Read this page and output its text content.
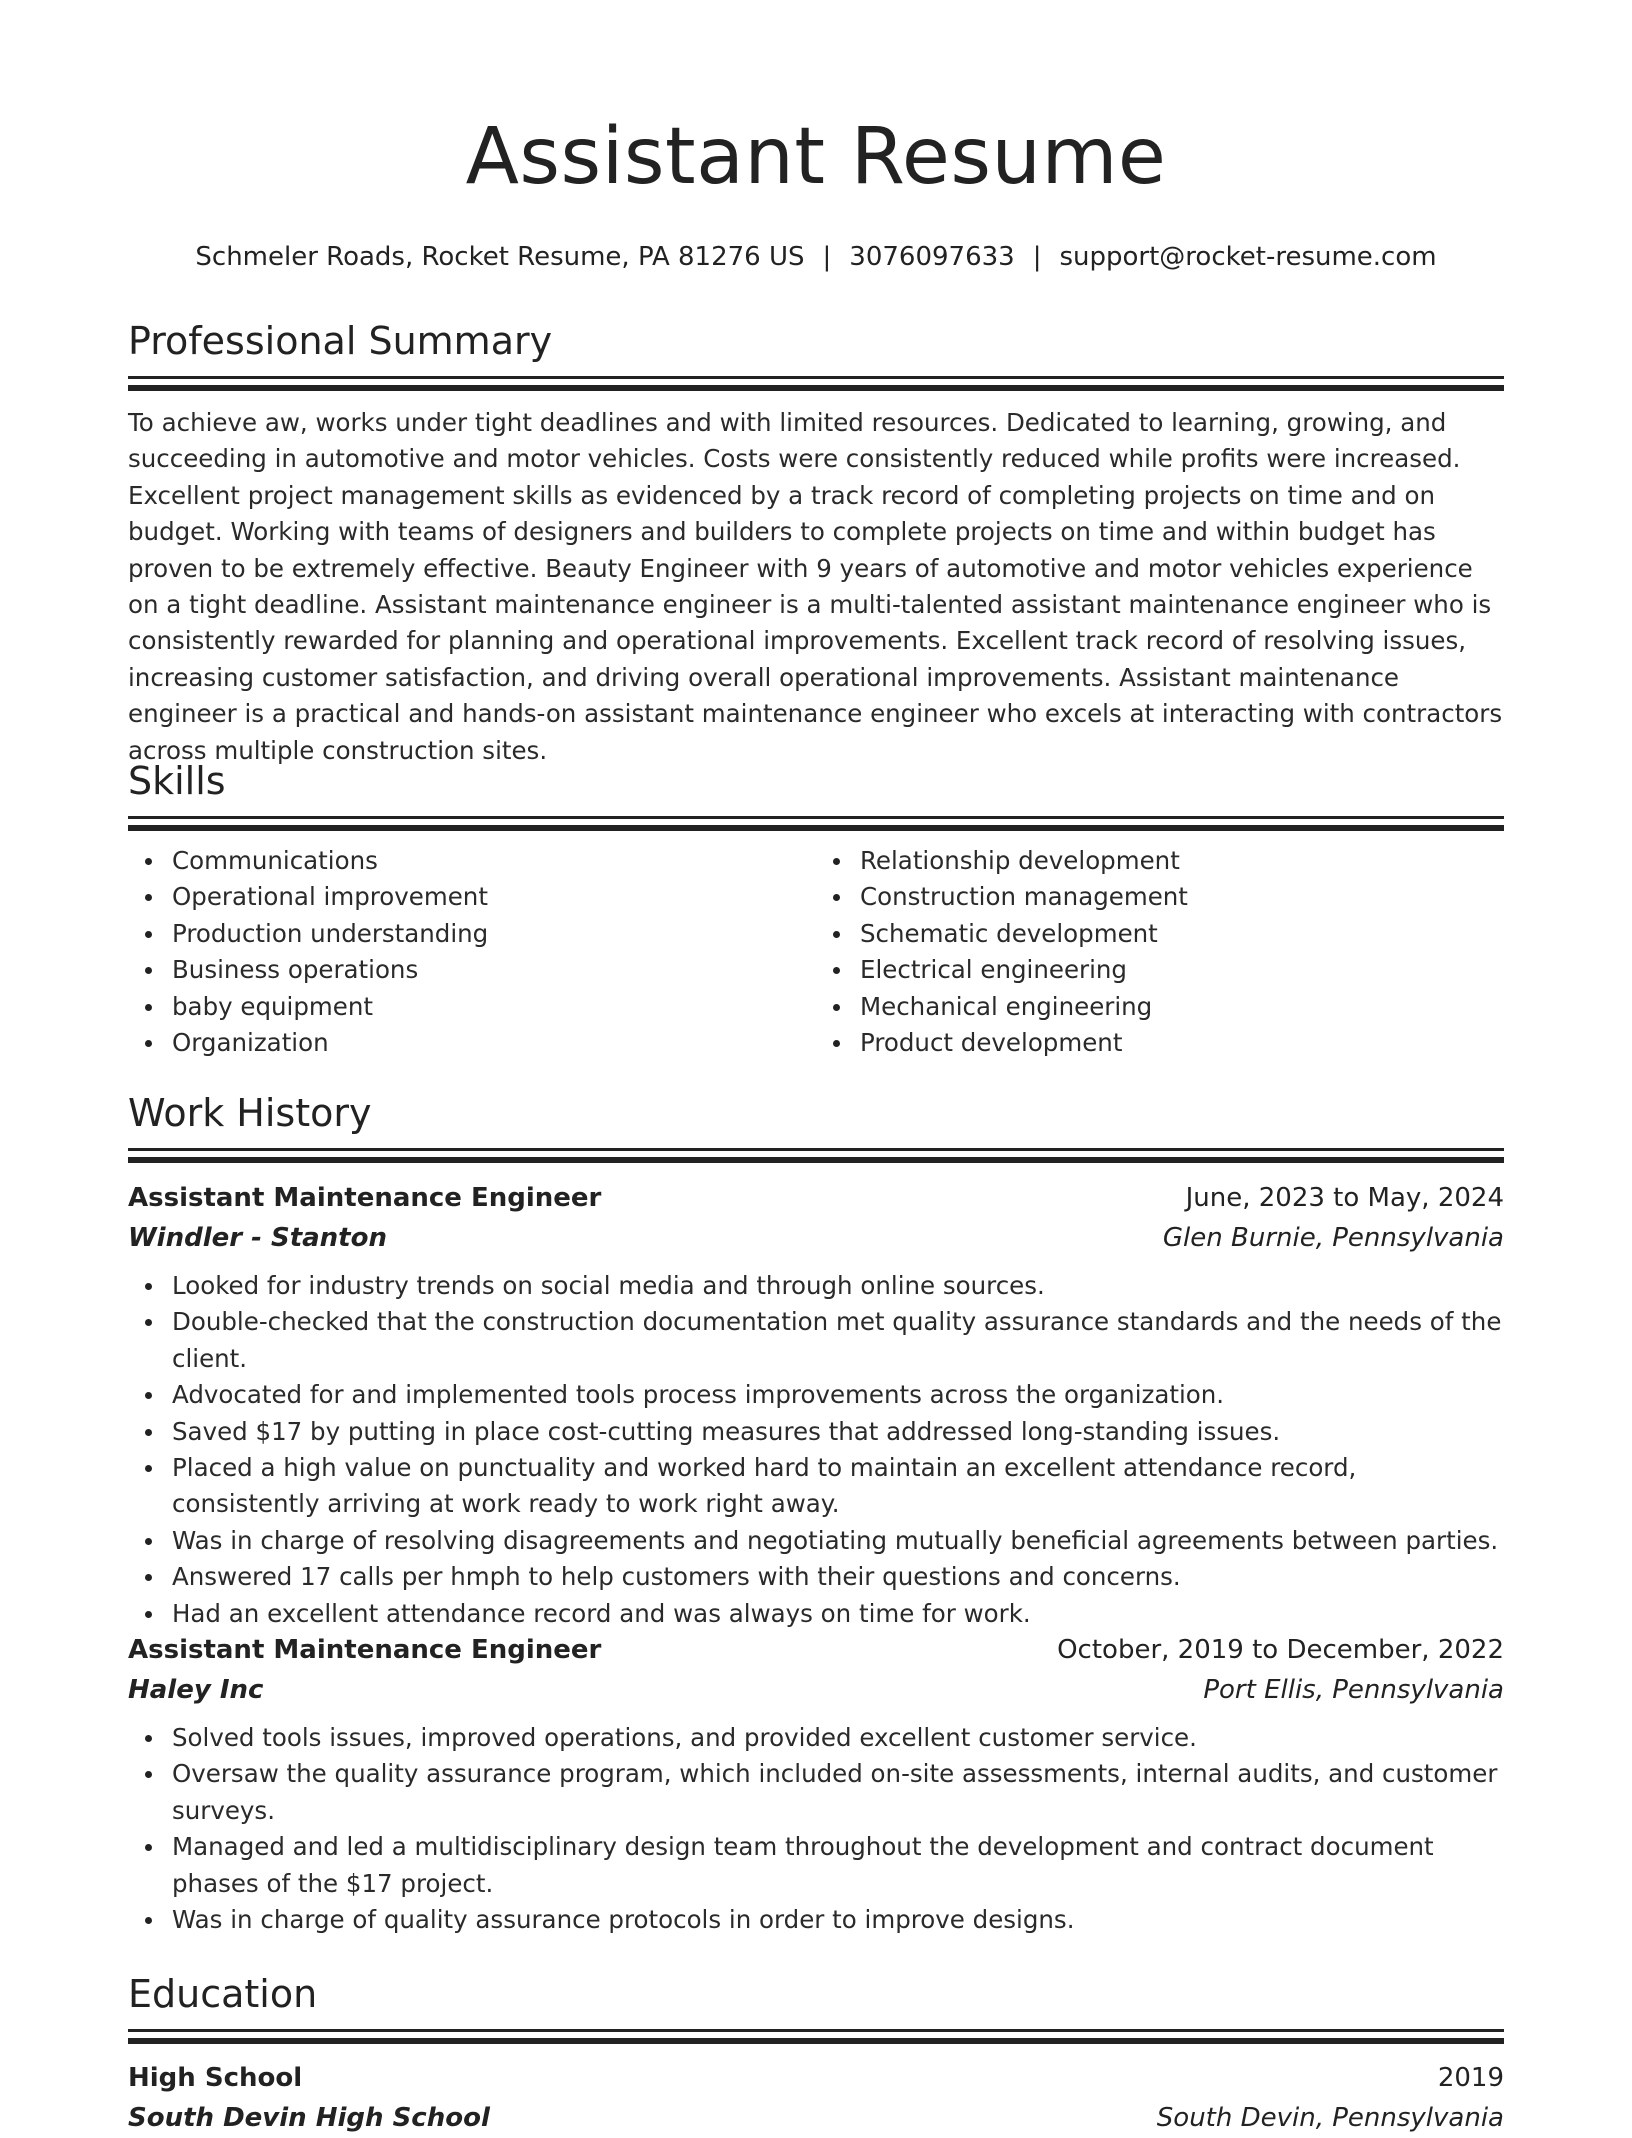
Assistant Resume
Schmeler Roads, Rocket Resume, PA 81276 US | 3076097633 | support@rocket-resume.com
Professional Summary

To achieve aw, works under tight deadlines and with limited resources. Dedicated to learning, growing, and succeeding in automotive and motor vehicles. Costs were consistently reduced while profits were increased. Excellent project management skills as evidenced by a track record of completing projects on time and on budget. Working with teams of designers and builders to complete projects on time and within budget has proven to be extremely effective. Beauty Engineer with 9 years of automotive and motor vehicles experience on a tight deadline. Assistant maintenance engineer is a multi-talented assistant maintenance engineer who is consistently rewarded for planning and operational improvements. Excellent track record of resolving issues, increasing customer satisfaction, and driving overall operational improvements. Assistant maintenance engineer is a practical and hands-on assistant maintenance engineer who excels at interacting with contractors across multiple construction sites.

Skills
Communications
Operational improvement
Production understanding
Business operations
baby equipment
Organization
Relationship development
Construction management
Schematic development
Electrical engineering
Mechanical engineering
Product development
Work History
Assistant Maintenance Engineer	June, 2023 to May, 2024
Windler - Stanton	Glen Burnie, Pennsylvania
Looked for industry trends on social media and through online sources.
Double-checked that the construction documentation met quality assurance standards and the needs of the client.
Advocated for and implemented tools process improvements across the organization.
Saved $17 by putting in place cost-cutting measures that addressed long-standing issues.
Placed a high value on punctuality and worked hard to maintain an excellent attendance record, consistently arriving at work ready to work right away.
Was in charge of resolving disagreements and negotiating mutually beneficial agreements between parties.
Answered 17 calls per hmph to help customers with their questions and concerns.
Had an excellent attendance record and was always on time for work.
Assistant Maintenance Engineer	October, 2019 to December, 2022
Haley Inc	Port Ellis, Pennsylvania
Solved tools issues, improved operations, and provided excellent customer service.
Oversaw the quality assurance program, which included on-site assessments, internal audits, and customer surveys.
Managed and led a multidisciplinary design team throughout the development and contract document phases of the $17 project.
Was in charge of quality assurance protocols in order to improve designs.
Education
High School	2019
South Devin High School	South Devin, Pennsylvania
